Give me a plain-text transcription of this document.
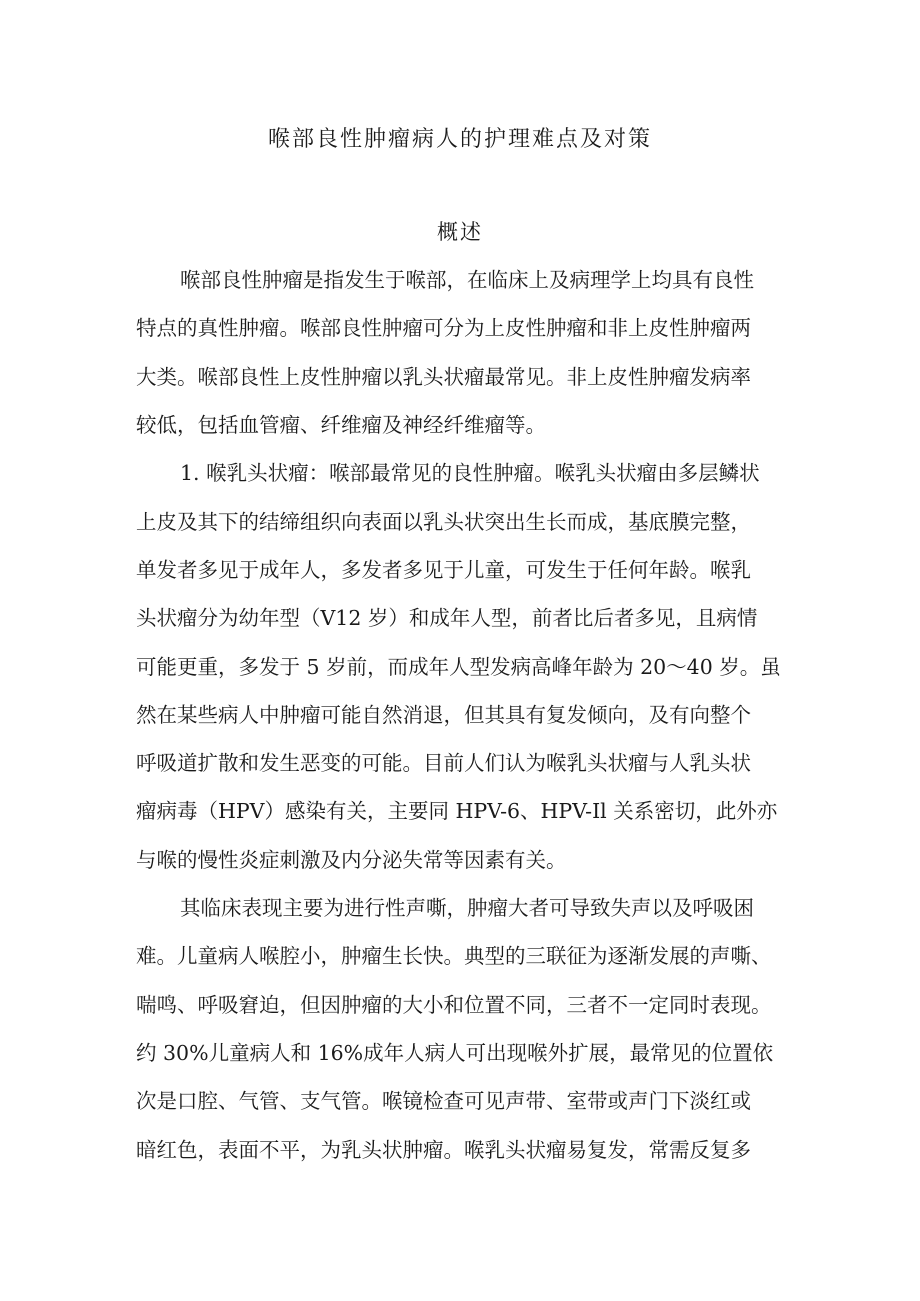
喉部良性肿瘤病人的护理难点及对策
概述

喉部良性肿瘤是指发生于喉部，在临床上及病理学上均具有良性

特点的真性肿瘤。喉部良性肿瘤可分为上皮性肿瘤和非上皮性肿瘤两

大类。喉部良性上皮性肿瘤以乳头状瘤最常见。非上皮性肿瘤发病率

较低，包括血管瘤、纤维瘤及神经纤维瘤等。

1. 喉乳头状瘤：喉部最常见的良性肿瘤。喉乳头状瘤由多层鳞状

上皮及其下的结缔组织向表面以乳头状突出生长而成，基底膜完整，

单发者多见于成年人，多发者多见于儿童，可发生于任何年龄。喉乳

头状瘤分为幼年型（V12 岁）和成年人型，前者比后者多见，且病情

可能更重，多发于 5 岁前，而成年人型发病高峰年龄为 20～40 岁。虽

然在某些病人中肿瘤可能自然消退，但其具有复发倾向，及有向整个

呼吸道扩散和发生恶变的可能。目前人们认为喉乳头状瘤与人乳头状

瘤病毒（HPV）感染有关，主要同 HPV-6、HPV-Il 关系密切，此外亦

与喉的慢性炎症刺激及内分泌失常等因素有关。

其临床表现主要为进行性声嘶，肿瘤大者可导致失声以及呼吸困

难。儿童病人喉腔小，肿瘤生长快。典型的三联征为逐渐发展的声嘶、

喘鸣、呼吸窘迫，但因肿瘤的大小和位置不同，三者不一定同时表现。

约 30%儿童病人和 16%成年人病人可出现喉外扩展，最常见的位置依

次是口腔、气管、支气管。喉镜检查可见声带、室带或声门下淡红或

暗红色，表面不平，为乳头状肿瘤。喉乳头状瘤易复发，常需反复多
